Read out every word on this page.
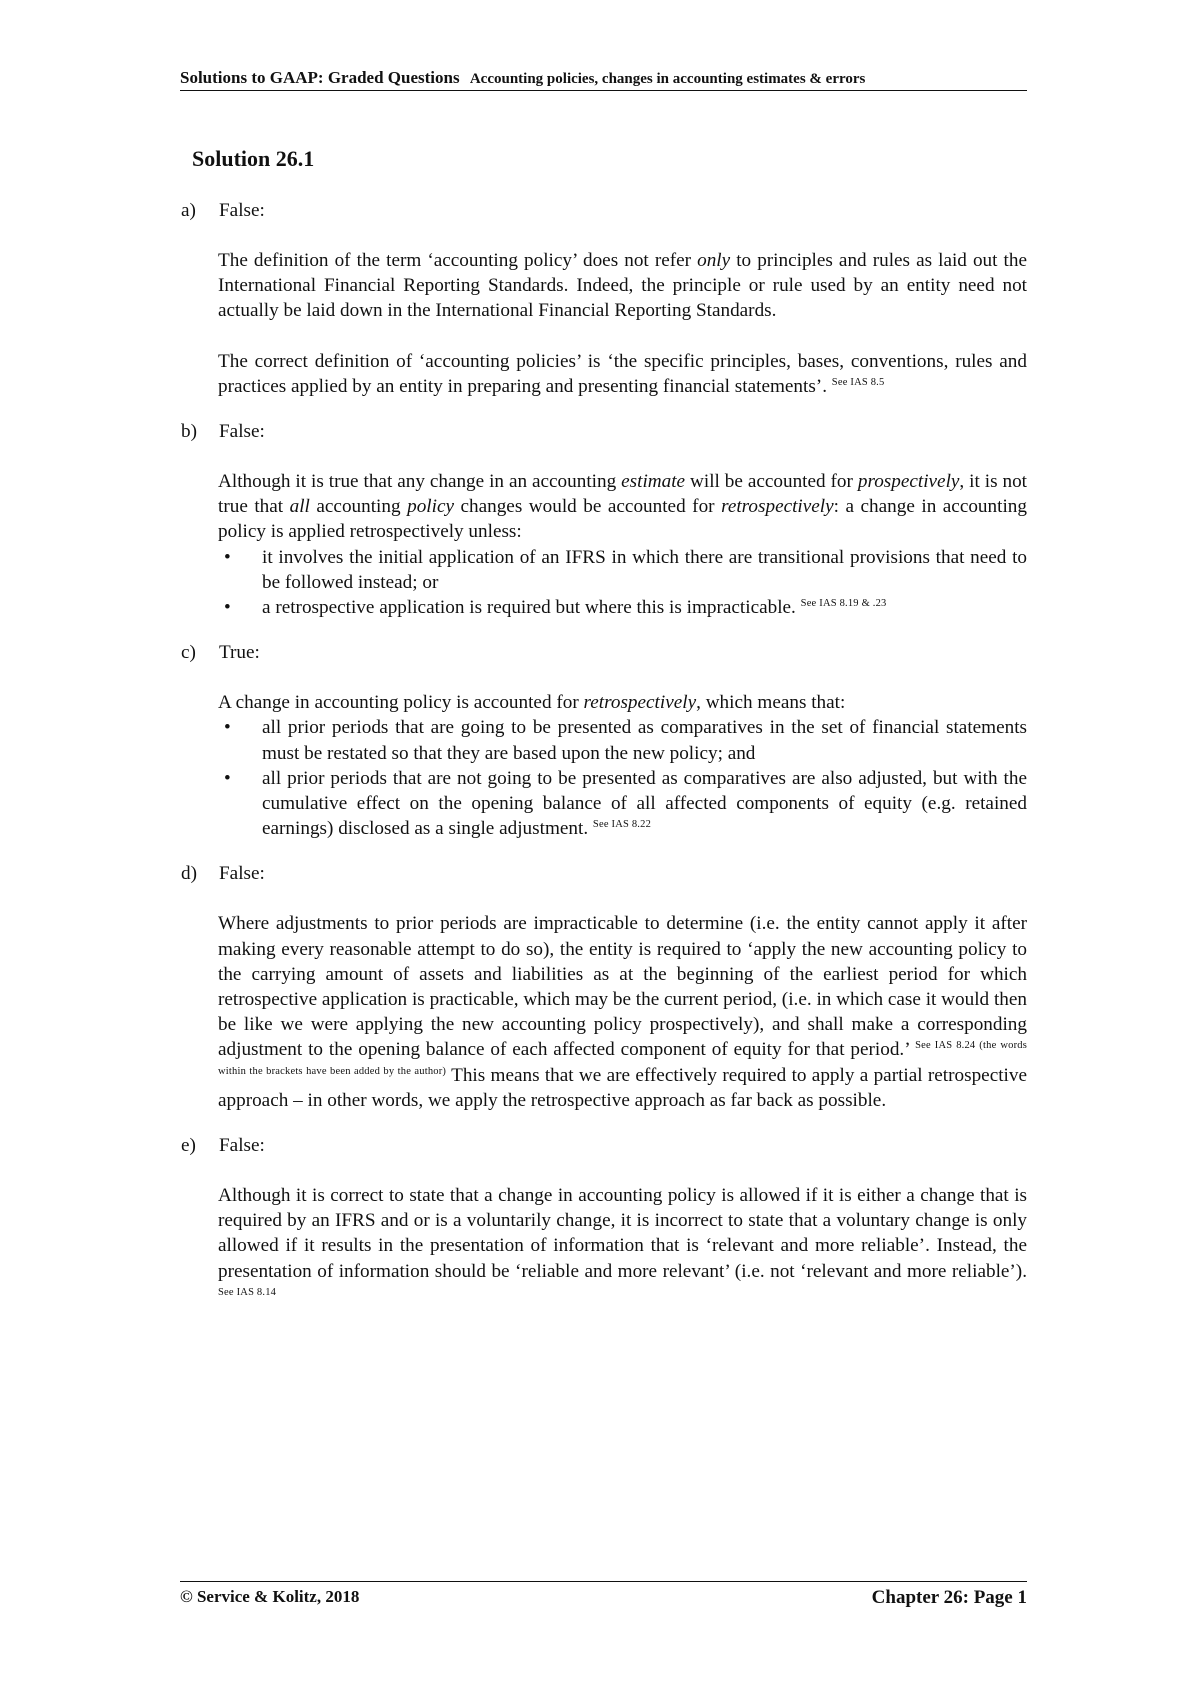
Solutions to GAAP: Graded Questions Accounting policies, changes in accounting estimates & errors
Solution 26.1
a)	False:

The definition of the term ‘accounting policy’ does not refer only to principles and rules as laid out the International Financial Reporting Standards. Indeed, the principle or rule used by an entity need not actually be laid down in the International Financial Reporting Standards.

The correct definition of ‘accounting policies’ is ‘the specific principles, bases, conventions, rules and practices applied by an entity in preparing and presenting financial statements’. $^{See IAS 8.5}$

b)	False:

Although it is true that any change in an accounting estimate will be accounted for prospectively, it is not true that all accounting policy changes would be accounted for retrospectively: a change in accounting policy is applied retrospectively unless:

• it involves the initial application of an IFRS in which there are transitional provisions that need to be followed instead; or
• a retrospective application is required but where this is impracticable. $^{See IAS 8.19 \& .23}$
c)	True:

A change in accounting policy is accounted for retrospectively, which means that:

• all prior periods that are going to be presented as comparatives in the set of financial statements must be restated so that they are based upon the new policy; and
• all prior periods that are not going to be presented as comparatives are also adjusted, but with the cumulative effect on the opening balance of all affected components of equity (e.g. retained earnings) disclosed as a single adjustment. $^{See IAS 8.22}$
d)	False:

Where adjustments to prior periods are impracticable to determine (i.e. the entity cannot apply it after making every reasonable attempt to do so), the entity is required to ‘apply the new accounting policy to the carrying amount of assets and liabilities as at the beginning of the earliest period for which retrospective application is practicable, which may be the current period, (i.e. in which case it would then be like we were applying the new accounting policy prospectively), and shall make a corresponding adjustment to the opening balance of each affected component of equity for that period.’ $^{See IAS 8.24 (the words within the brackets have been added by the author)}$ This means that we are effectively required to apply a partial retrospective approach – in other words, we apply the retrospective approach as far back as possible.

e)	False:

Although it is correct to state that a change in accounting policy is allowed if it is either a change that is required by an IFRS and or is a voluntarily change, it is incorrect to state that a voluntary change is only allowed if it results in the presentation of information that is ‘relevant and more reliable’. Instead, the presentation of information should be ‘reliable and more relevant’ (i.e. not ‘relevant and more reliable’). $^{See IAS 8.14}$

© Service & Kolitz, 2018	Chapter 26: Page 1
